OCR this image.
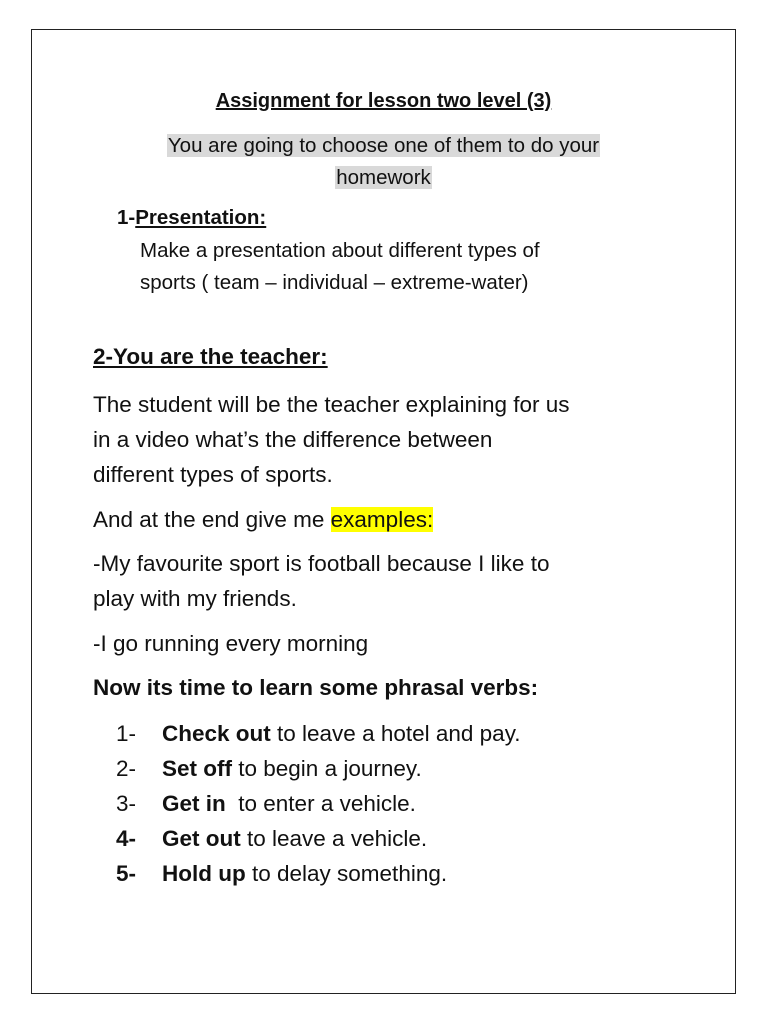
Assignment for lesson two level (3)
You are going to choose one of them to do your
homework
1-Presentation:
Make a presentation about different types of
sports ( team – individual – extreme-water)
2-You are the teacher:
The student will be the teacher explaining for us
in a video what’s the difference between
different types of sports.
And at the end give me examples:
-My favourite sport is football because I like to
play with my friends.
-I go running every morning
Now its time to learn some phrasal verbs:
1- Check out to leave a hotel and pay.
2- Set off to begin a journey.
3- Get in  to enter a vehicle.
4- Get out to leave a vehicle.
5- Hold up to delay something.
